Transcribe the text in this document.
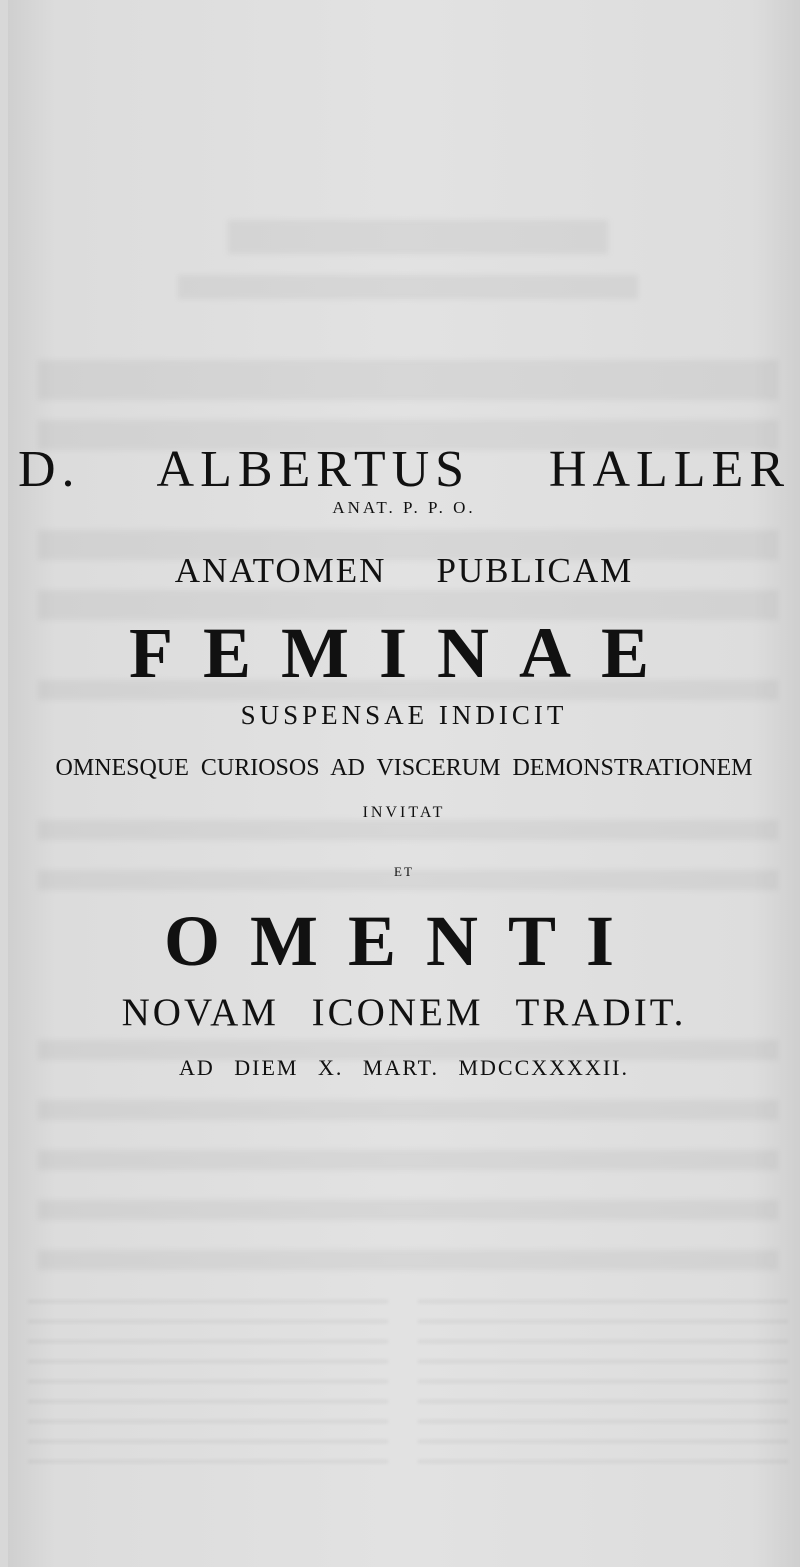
D. ALBERTUS HALLER
ANAT. P. P. O.
ANATOMEN PUBLICAM
FEMINAE
SUSPENSAE INDICIT
OMNESQUE CURIOSOS AD VISCERUM DEMONSTRATIONEM
INVITAT
ET
OMENTI
NOVAM ICONEM TRADIT.
AD DIEM X. MART. MDCCXXXXII.
